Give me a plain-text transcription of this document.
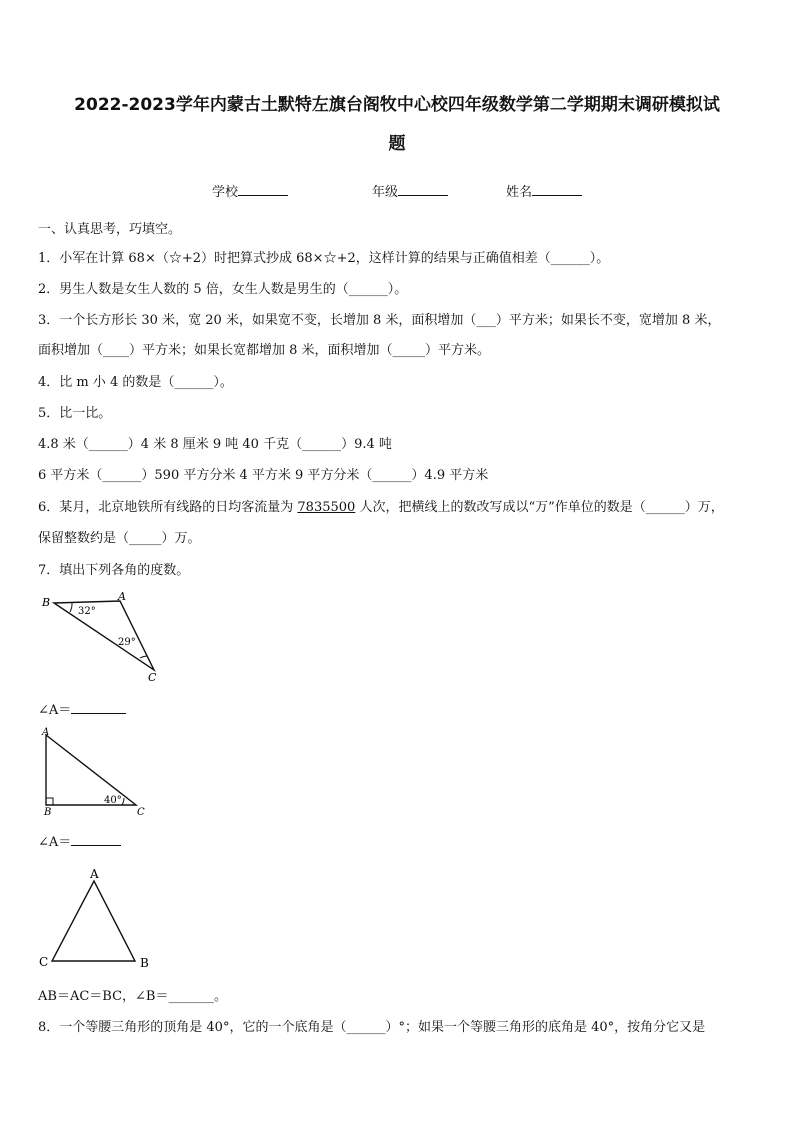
2022-2023学年内蒙古土默特左旗台阁牧中心校四年级数学第二学期期末调研模拟试
题
学校	年级	姓名
一、认真思考，巧填空。
1．小军在计算 68×（☆+2）时把算式抄成 68×☆+2，这样计算的结果与正确值相差（______）。
2．男生人数是女生人数的 5 倍，女生人数是男生的（______）。
3．一个长方形长 30 米，宽 20 米，如果宽不变，长增加 8 米，面积增加（___）平方米；如果长不变，宽增加 8 米，
面积增加（____）平方米；如果长宽都增加 8 米，面积增加（_____）平方米。
4．比 m 小 4 的数是（______）。
5．比一比。
4.8 米（______）4 米 8 厘米 9 吨 40 千克（______）9.4 吨
6 平方米（______）590 平方分米 4 平方米 9 平方分米（______）4.9 平方米
6．某月，北京地铁所有线路的日均客流量为 7835500 人次，把横线上的数改写成以“万”作单位的数是（______）万，
保留整数约是（_____）万。
7．填出下列各角的度数。
B	A
C
32°
29°
∠A＝
A
B	C
40°
∠A＝
A
C	B
AB＝AC＝BC，∠B＝_______。
8．一个等腰三角形的顶角是 40°，它的一个底角是（______）°；如果一个等腰三角形的底角是 40°，按角分它又是
